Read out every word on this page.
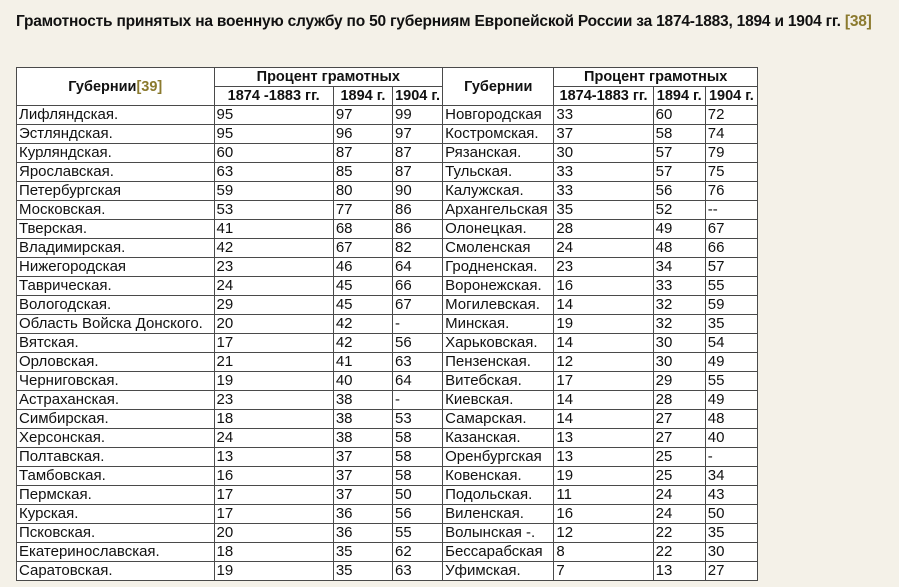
Грамотность принятых на военную службу по 50 губерниям Европейской России за 1874-1883, 1894 и 1904 гг. [38]
Губернии[39]	Процент грамотных			Губернии	Процент грамотных		
	1874 -1883 гг.	1894 г.	1904 г.		1874-1883 гг.	1894 г.	1904 г.
Лифляндская.	95	97	99	Новгородская	33	60	72
Эстляндская.	95	96	97	Костромская.	37	58	74
Курляндская.	60	87	87	Рязанская.	30	57	79
Ярославская.	63	85	87	Тульская.	33	57	75
Петербургская	59	80	90	Калужская.	33	56	76
Московская.	53	77	86	Архангельская	35	52	--
Тверская.	41	68	86	Олонецкая.	28	49	67
Владимирская.	42	67	82	Смоленская	24	48	66
Нижегородская	23	46	64	Гродненская.	23	34	57
Таврическая.	24	45	66	Воронежская.	16	33	55
Вологодская.	29	45	67	Могилевская.	14	32	59
Область Войска Донского.	20	42	-	Минская.	19	32	35
Вятская.	17	42	56	Харьковская.	14	30	54
Орловская.	21	41	63	Пензенская.	12	30	49
Черниговская.	19	40	64	Витебская.	17	29	55
Астраханская.	23	38	-	Киевская.	14	28	49
Симбирская.	18	38	53	Самарская.	14	27	48
Херсонская.	24	38	58	Казанская.	13	27	40
Полтавская.	13	37	58	Оренбургская	13	25	-
Тамбовская.	16	37	58	Ковенская.	19	25	34
Пермская.	17	37	50	Подольская.	11	24	43
Курская.	17	36	56	Виленская.	16	24	50
Псковская.	20	36	55	Волынская -.	12	22	35
Екатеринославская.	18	35	62	Бессарабская	8	22	30
Саратовская.	19	35	63	Уфимская.	7	13	27
